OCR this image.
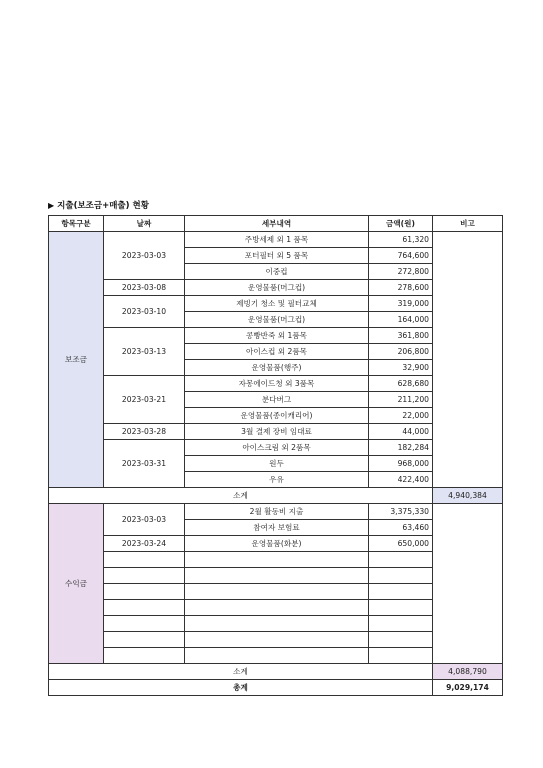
▶ 지출(보조금+매출) 현황
항목구분	날짜	세부내역	금액(원)	비고
보조금	2023-03-03	주방세제 외 1 품목	61,320	
		포터필터 외 5 품목	764,600	
		이중컵	272,800	
	2023-03-08	운영물품(머그컵)	278,600	
	2023-03-10	제빙기 청소 및 필터교체	319,000	
		운영물품(머그컵)	164,000	
	2023-03-13	콩빵반죽 외 1품목	361,800	
		아이스컵 외 2품목	206,800	
		운영물품(행주)	32,900	
	2023-03-21	자몽에이드청 외 3품목	628,680	
		분다버그	211,200	
		운영물품(종이캐리어)	22,000	
	2023-03-28	3월 결제 장비 임대료	44,000	
	2023-03-31	아이스크림 외 2품목	182,284	
		원두	968,000	
		우유	422,400	
소계				4,940,384
수익금	2023-03-03	2월 활동비 지출	3,375,330	
		참여자 보험료	63,460	
	2023-03-24	운영물품(화분)	650,000	

소계				4,088,790
총계				9,029,174
